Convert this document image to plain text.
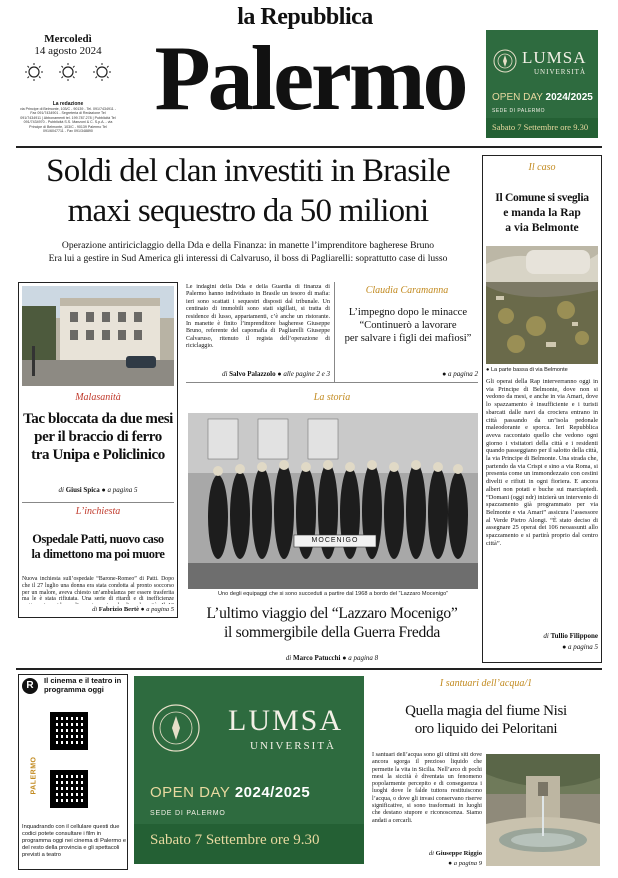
la Repubblica
Palermo
Mercoledì
14 agosto 2024
La redazione
via Principe di Belmonte, 103/C - 90139 - Tel. 091/7434911 - Fax 091/7434901 - Segreteria di Redazione Tel 091/7434911 | Abbonamenti tel. 199.787.278 | Pubblicità Tel 091/7434970 - Pubblicità S.S. Manzoni & C. S.p.A. - via Principe di Belmonte, 103/C - 90139 Palermo Tel 091/6047711 - Fax 091/348890
LUMSA
UNIVERSITÀ
OPEN DAY 2024/2025
SEDE DI PALERMO
Sabato 7 Settembre ore 9.30
Soldi del clan investiti in Brasile
maxi sequestro da 50 milioni
Operazione antiriciclaggio della Dda e della Finanza: in manette l’imprenditore bagherese Bruno
Era lui a gestire in Sud America gli interessi di Calvaruso, il boss di Pagliarelli: soprattutto case di lusso
Malasanità
Tac bloccata da due mesi
per il braccio di ferro
tra Unipa e Policlinico
di Giusi Spica ● a pagina 5
L’inchiesta
Ospedale Patti, nuovo caso
la dimettono ma poi muore
Nuova inchiesta sull’ospedale “Barone-Romeo” di Patti. Dopo che il 27 luglio una donna era stata condotta al pronto soccorso per un malore, aveva chiesto un’ambulanza per essere trasferita ma le è stata rifiutata. Una serie di ritardi e di inefficienze
di Fabrizio Bertè ● a pagina 5
Le indagini della Dda e della Guardia di finanza di Palermo hanno individuato in Brasile un tesoro di mafia: ieri sono scattati i sequestri disposti dal tribunale. Un centinaio di immobili sono stati sigillati, si tratta di residence di lusso, appartamenti, c’è anche un ristorante. In manette è finito l’imprenditore bagherese Giuseppe Bruno, referente del capomafia di Pagliarelli Giuseppe Calvaruso, ritenuto il regista dell’operazione di riciclaggio.
di Salvo Palazzolo ● alle pagine 2 e 3
Claudia Caramanna
L’impegno dopo le minacce
“Continuerò a lavorare
per salvare i figli dei mafiosi”
● a pagina 2
La storia
MOCENIGO
Uno degli equipaggi che si sono succeduti a partire dal 1968 a bordo del “Lazzaro Mocenigo”
L’ultimo viaggio del “Lazzaro Mocenigo”
il sommergibile della Guerra Fredda
di Marco Patucchi ● a pagina 8
Il caso
Il Comune si sveglia
e manda la Rap
a via Belmonte
● La parte bassa di via Belmonte
Gli operai della Rap interverranno oggi in via Principe di Belmonte, dove non si vedono da mesi, e anche in via Amari, dove lo spazzamento è insufficiente e i turisti sbarcati dalle navi da crociera entrano in città passando da un’isola pedonale maleodorante e sporca. Ieri Repubblica aveva raccontato quello che vedono ogni giorno i visitatori della città e i residenti quando passeggiano per il salotto della città, la via Principe di Belmonte. Una strada che, partendo da via Crispi e sino a via Roma, si presenta come un immondezzaio con cestini divelti e rifiuti in ogni fioriera. E ancora alberi non potati e buche sui marciapiedi. “Domani (oggi ndr) inizierà un intervento di spazzamento già programmato per via Belmonte e via Amari” assicura l’assessore al Verde Pietro Alongi. “È stato deciso di assegnare 25 operai dei 106 neoassunti allo spazzamento e si partirà proprio dal centro città”.
di Tullio Filippone
● a pagina 5
R	Il cinema e il teatro in programma oggi
PALERMO
Inquadrando con il cellulare questi due codici potete consultare i film in programma oggi nei cinema di Palermo e del resto della provincia e gli spettacoli previsti a teatro
LUMSA
UNIVERSITÀ
OPEN DAY 2024/2025
SEDE DI PALERMO
Sabato 7 Settembre ore 9.30
I santuari dell’acqua/1
Quella magia del fiume Nisi
oro liquido dei Peloritani
I santuari dell’acqua sono gli ultimi siti dove ancora sgorga il prezioso liquido che permette la vita in Sicilia. Nell’arco di pochi mesi la siccità è diventata un fenomeno popolarmente percepito e di conseguenza i luoghi dove le falde tuttora restituiscono l’acqua, o dove gli invasi conservano riserve significative, si sono trasformati in luoghi che destano stupore e riconoscenza. Siamo andati a cercarli.
di Giuseppe Riggio
● a pagina 9
